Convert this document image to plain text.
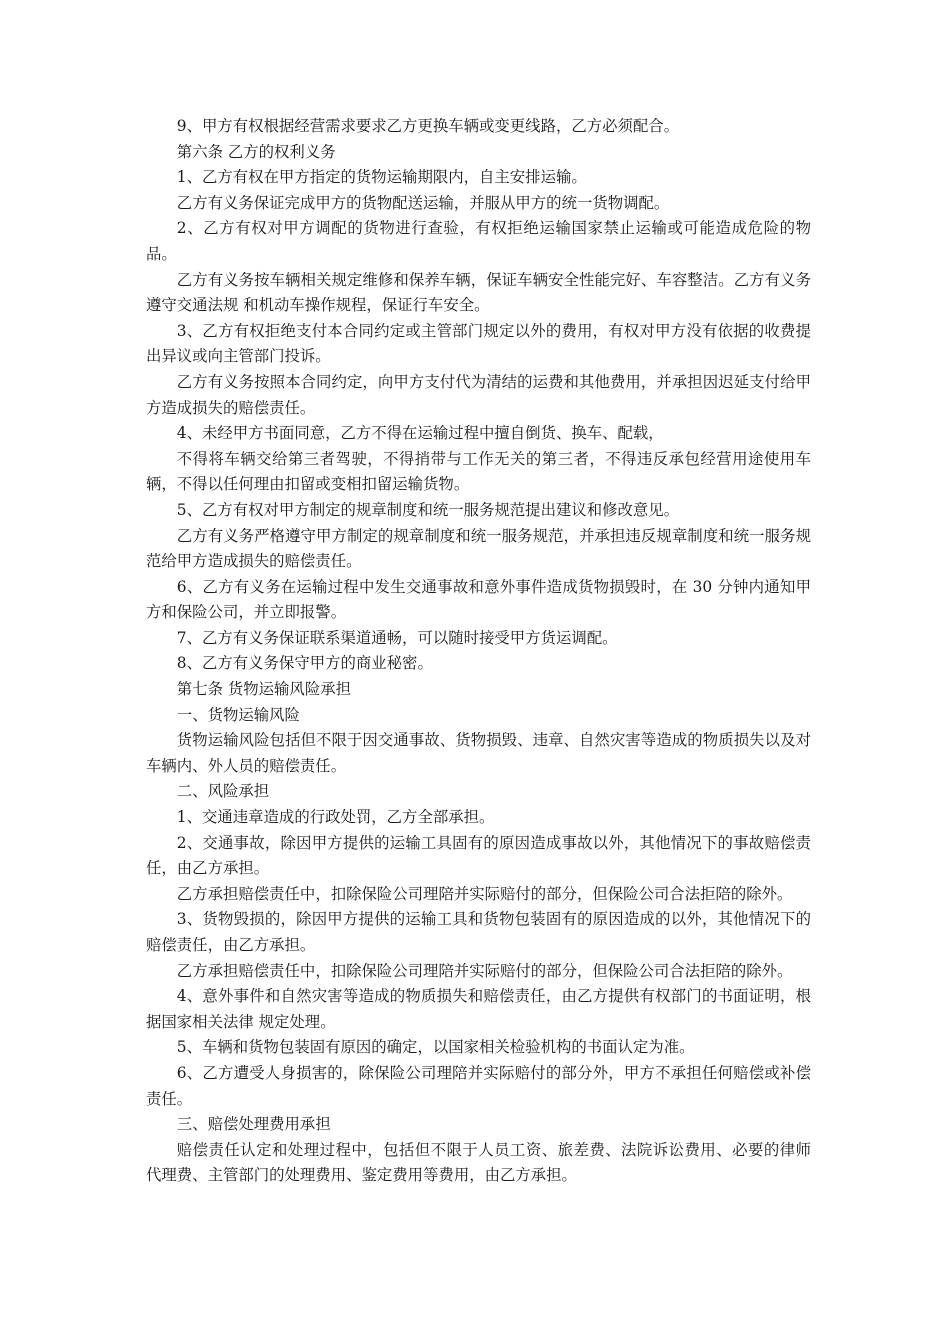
9、甲方有权根据经营需求要求乙方更换车辆或变更线路，乙方必须配合。

第六条 乙方的权利义务

1、乙方有权在甲方指定的货物运输期限内，自主安排运输。

乙方有义务保证完成甲方的货物配送运输，并服从甲方的统一货物调配。

2、乙方有权对甲方调配的货物进行查验，有权拒绝运输国家禁止运输或可能造成危险的物品。

乙方有义务按车辆相关规定维修和保养车辆，保证车辆安全性能完好、车容整洁。乙方有义务遵守交通法规 和机动车操作规程，保证行车安全。

3、乙方有权拒绝支付本合同约定或主管部门规定以外的费用，有权对甲方没有依据的收费提出异议或向主管部门投诉。

乙方有义务按照本合同约定，向甲方支付代为清结的运费和其他费用，并承担因迟延支付给甲方造成损失的赔偿责任。

4、未经甲方书面同意，乙方不得在运输过程中擅自倒货、换车、配载，

不得将车辆交给第三者驾驶，不得捎带与工作无关的第三者，不得违反承包经营用途使用车辆，不得以任何理由扣留或变相扣留运输货物。

5、乙方有权对甲方制定的规章制度和统一服务规范提出建议和修改意见。

乙方有义务严格遵守甲方制定的规章制度和统一服务规范，并承担违反规章制度和统一服务规范给甲方造成损失的赔偿责任。

6、乙方有义务在运输过程中发生交通事故和意外事件造成货物损毁时，在 30 分钟内通知甲方和保险公司，并立即报警。

7、乙方有义务保证联系渠道通畅，可以随时接受甲方货运调配。

8、乙方有义务保守甲方的商业秘密。

第七条 货物运输风险承担

一、货物运输风险

货物运输风险包括但不限于因交通事故、货物损毁、违章、自然灾害等造成的物质损失以及对车辆内、外人员的赔偿责任。

二、风险承担

1、交通违章造成的行政处罚，乙方全部承担。

2、交通事故，除因甲方提供的运输工具固有的原因造成事故以外，其他情况下的事故赔偿责任，由乙方承担。

乙方承担赔偿责任中，扣除保险公司理陪并实际赔付的部分，但保险公司合法拒陪的除外。

3、货物毁损的，除因甲方提供的运输工具和货物包装固有的原因造成的以外，其他情况下的赔偿责任，由乙方承担。

乙方承担赔偿责任中，扣除保险公司理陪并实际赔付的部分，但保险公司合法拒陪的除外。

4、意外事件和自然灾害等造成的物质损失和赔偿责任，由乙方提供有权部门的书面证明，根据国家相关法律 规定处理。

5、车辆和货物包装固有原因的确定，以国家相关检验机构的书面认定为准。

6、乙方遭受人身损害的，除保险公司理陪并实际赔付的部分外，甲方不承担任何赔偿或补偿责任。

三、赔偿处理费用承担

赔偿责任认定和处理过程中，包括但不限于人员工资、旅差费、法院诉讼费用、必要的律师 代理费、主管部门的处理费用、鉴定费用等费用，由乙方承担。
